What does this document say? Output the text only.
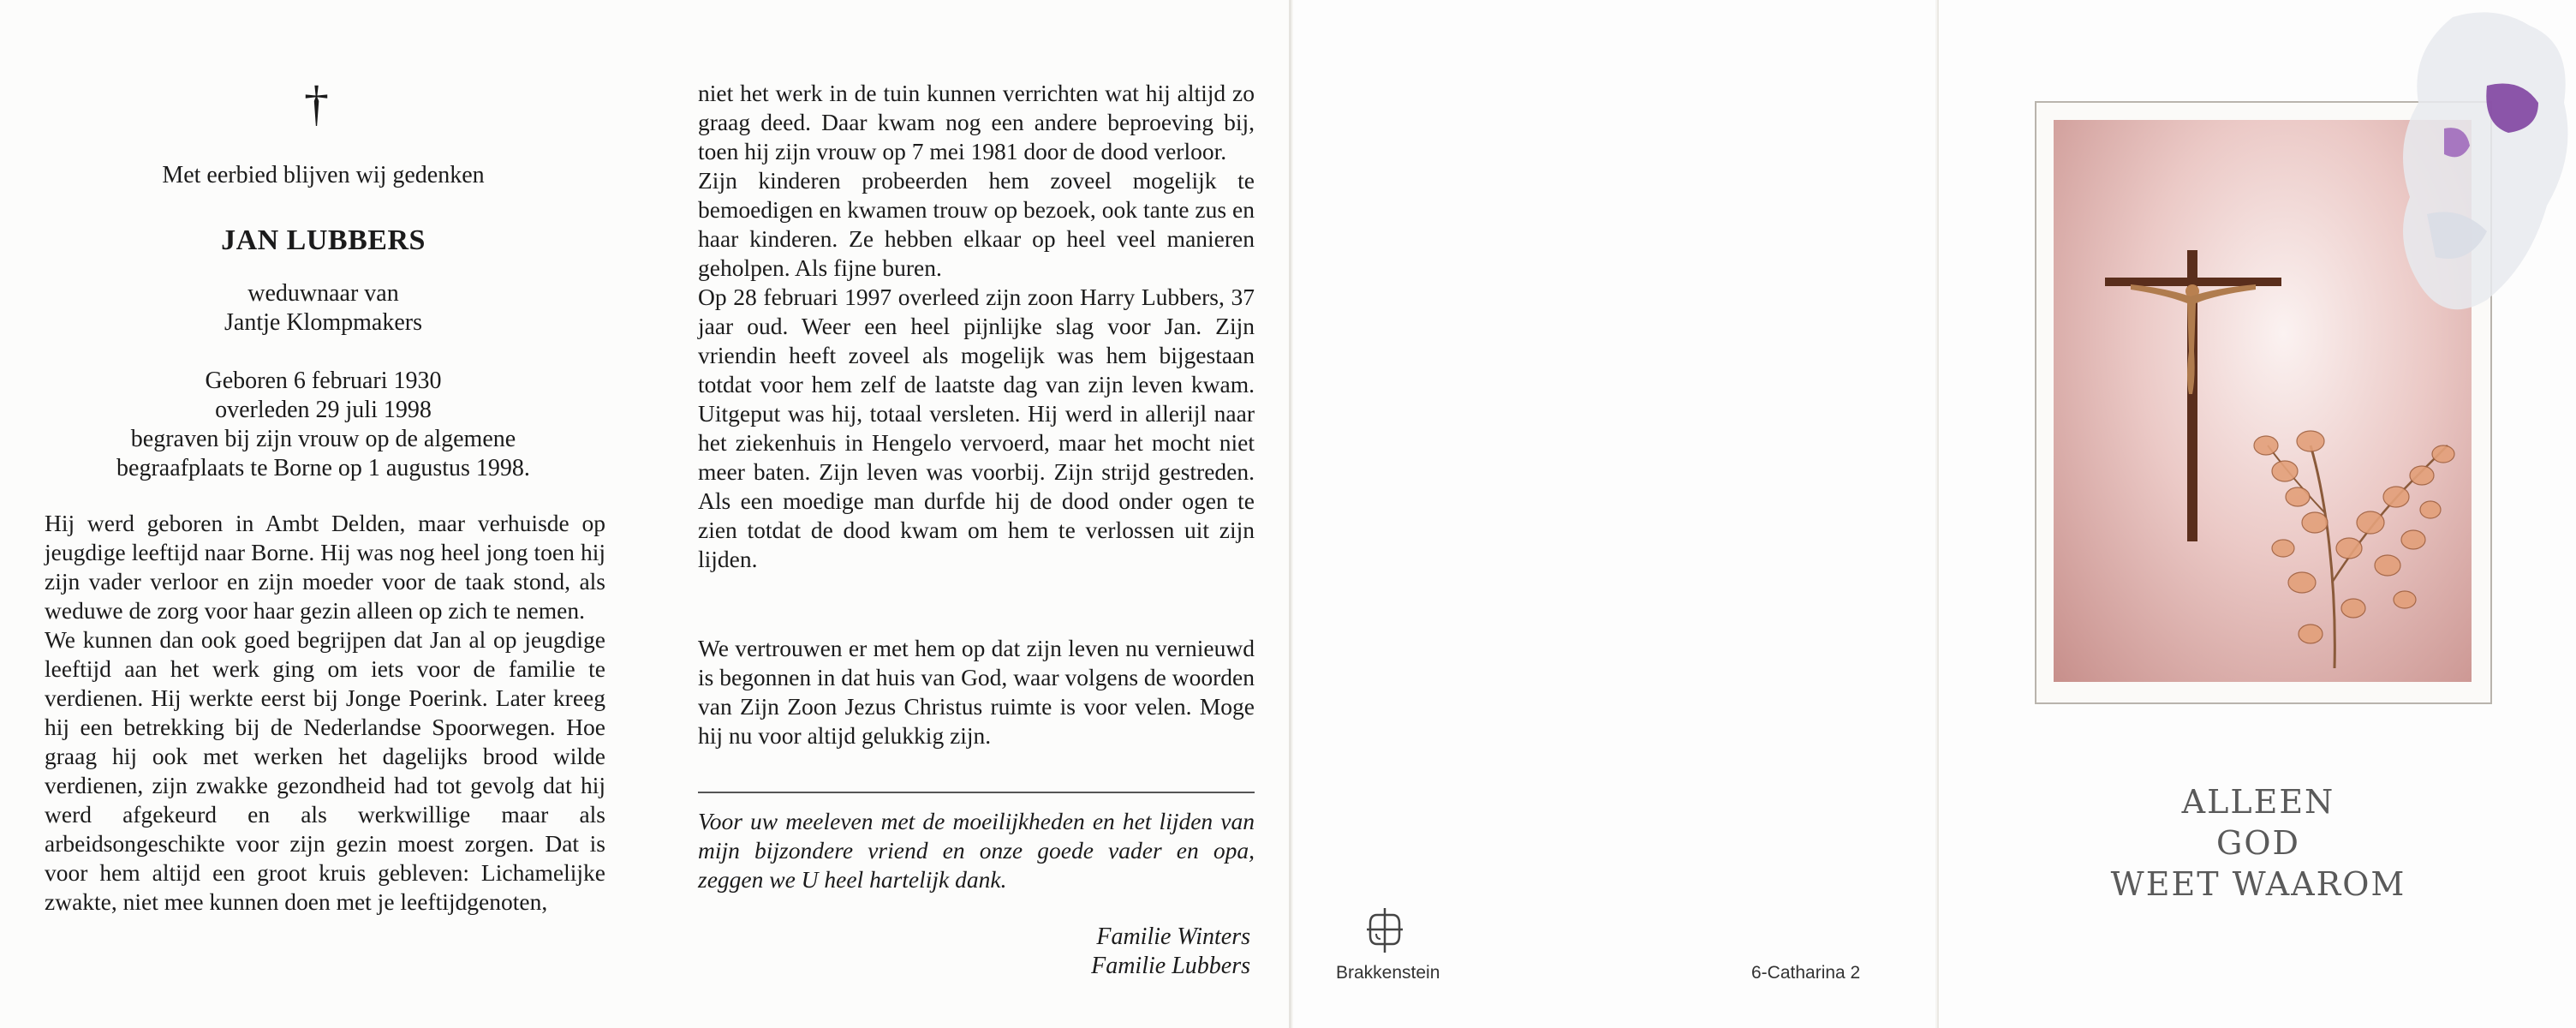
†
Met eerbied blijven wij gedenken
JAN LUBBERS
weduwnaar van
Jantje Klompmakers
Geboren 6 februari 1930
overleden 29 juli 1998
begraven bij zijn vrouw op de algemene
begraafplaats te Borne op 1 augustus 1998.
Hij werd geboren in Ambt Delden, maar verhuisde op jeugdige leeftijd naar Borne. Hij was nog heel jong toen hij zijn vader verloor en zijn moeder voor de taak stond, als weduwe de zorg voor haar gezin alleen op zich te nemen.
We kunnen dan ook goed begrijpen dat Jan al op jeugdige leeftijd aan het werk ging om iets voor de familie te verdienen. Hij werkte eerst bij Jonge Poerink. Later kreeg hij een betrekking bij de Nederlandse Spoorwegen. Hoe graag hij ook met werken het dagelijks brood wilde verdienen, zijn zwakke gezondheid had tot gevolg dat hij werd afgekeurd en als werkwillige maar als arbeidsongeschikte voor zijn gezin moest zorgen. Dat is voor hem altijd een groot kruis gebleven: Lichamelijke zwakte, niet mee kunnen doen met je leeftijdgenoten,
niet het werk in de tuin kunnen verrichten wat hij altijd zo graag deed. Daar kwam nog een andere beproeving bij, toen hij zijn vrouw op 7 mei 1981 door de dood verloor.
Zijn kinderen probeerden hem zoveel mogelijk te bemoedigen en kwamen trouw op bezoek, ook tante zus en haar kinderen. Ze hebben elkaar op heel veel manieren geholpen. Als fijne buren.
Op 28 februari 1997 overleed zijn zoon Harry Lubbers, 37 jaar oud. Weer een heel pijnlijke slag voor Jan. Zijn vriendin heeft zoveel als mogelijk was hem bijgestaan totdat voor hem zelf de laatste dag van zijn leven kwam. Uitgeput was hij, totaal versleten. Hij werd in allerijl naar het ziekenhuis in Hengelo vervoerd, maar het mocht niet meer baten. Zijn leven was voorbij. Zijn strijd gestreden. Als een moedige man durfde hij de dood onder ogen te zien totdat de dood kwam om hem te verlossen uit zijn lijden.
We vertrouwen er met hem op dat zijn leven nu vernieuwd is begonnen in dat huis van God, waar volgens de woorden van Zijn Zoon Jezus Christus ruimte is voor velen. Moge hij nu voor altijd gelukkig zijn.
Voor uw meeleven met de moeilijkheden en het lijden van mijn bijzondere vriend en onze goede vader en opa, zeggen we U heel hartelijk dank.
Familie Winters
Familie Lubbers	Brakkenstein	6-Catharina 2
ALLEEN
GOD
WEET WAAROM
